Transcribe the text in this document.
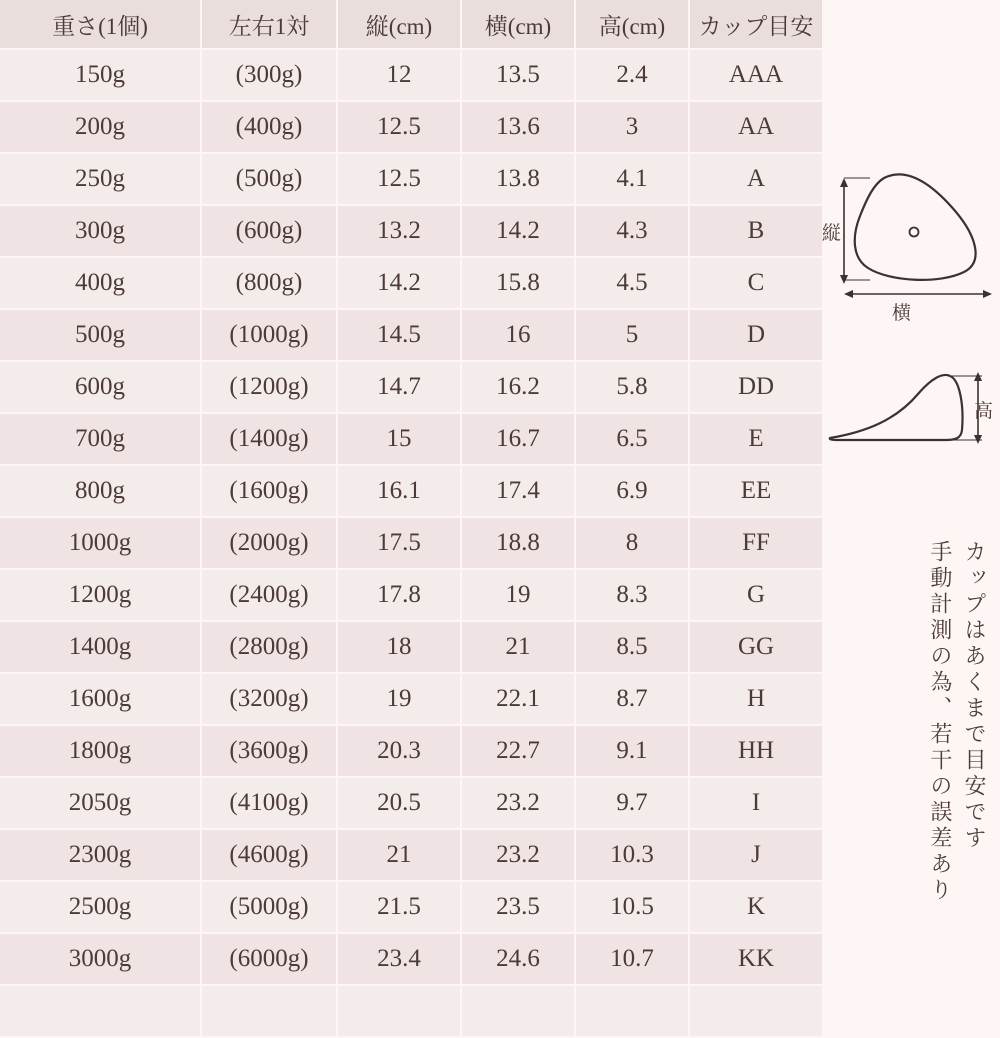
重さ(1個)	左右1対	縦(cm)	横(cm)	高(cm)	カップ目安
150g	(300g)	12	13.5	2.4	AAA
200g	(400g)	12.5	13.6	3	AA
250g	(500g)	12.5	13.8	4.1	A
300g	(600g)	13.2	14.2	4.3	B
400g	(800g)	14.2	15.8	4.5	C
500g	(1000g)	14.5	16	5	D
600g	(1200g)	14.7	16.2	5.8	DD
700g	(1400g)	15	16.7	6.5	E
800g	(1600g)	16.1	17.4	6.9	EE
1000g	(2000g)	17.5	18.8	8	FF
1200g	(2400g)	17.8	19	8.3	G
1400g	(2800g)	18	21	8.5	GG
1600g	(3200g)	19	22.1	8.7	H
1800g	(3600g)	20.3	22.7	9.1	HH
2050g	(4100g)	20.5	23.2	9.7	I
2300g	(4600g)	21	23.2	10.3	J
2500g	(5000g)	21.5	23.5	10.5	K
3000g	(6000g)	23.4	24.6	10.7	KK

縦
横
高
カップはあくまで目安です
手動計測の為、若干の誤差あり
